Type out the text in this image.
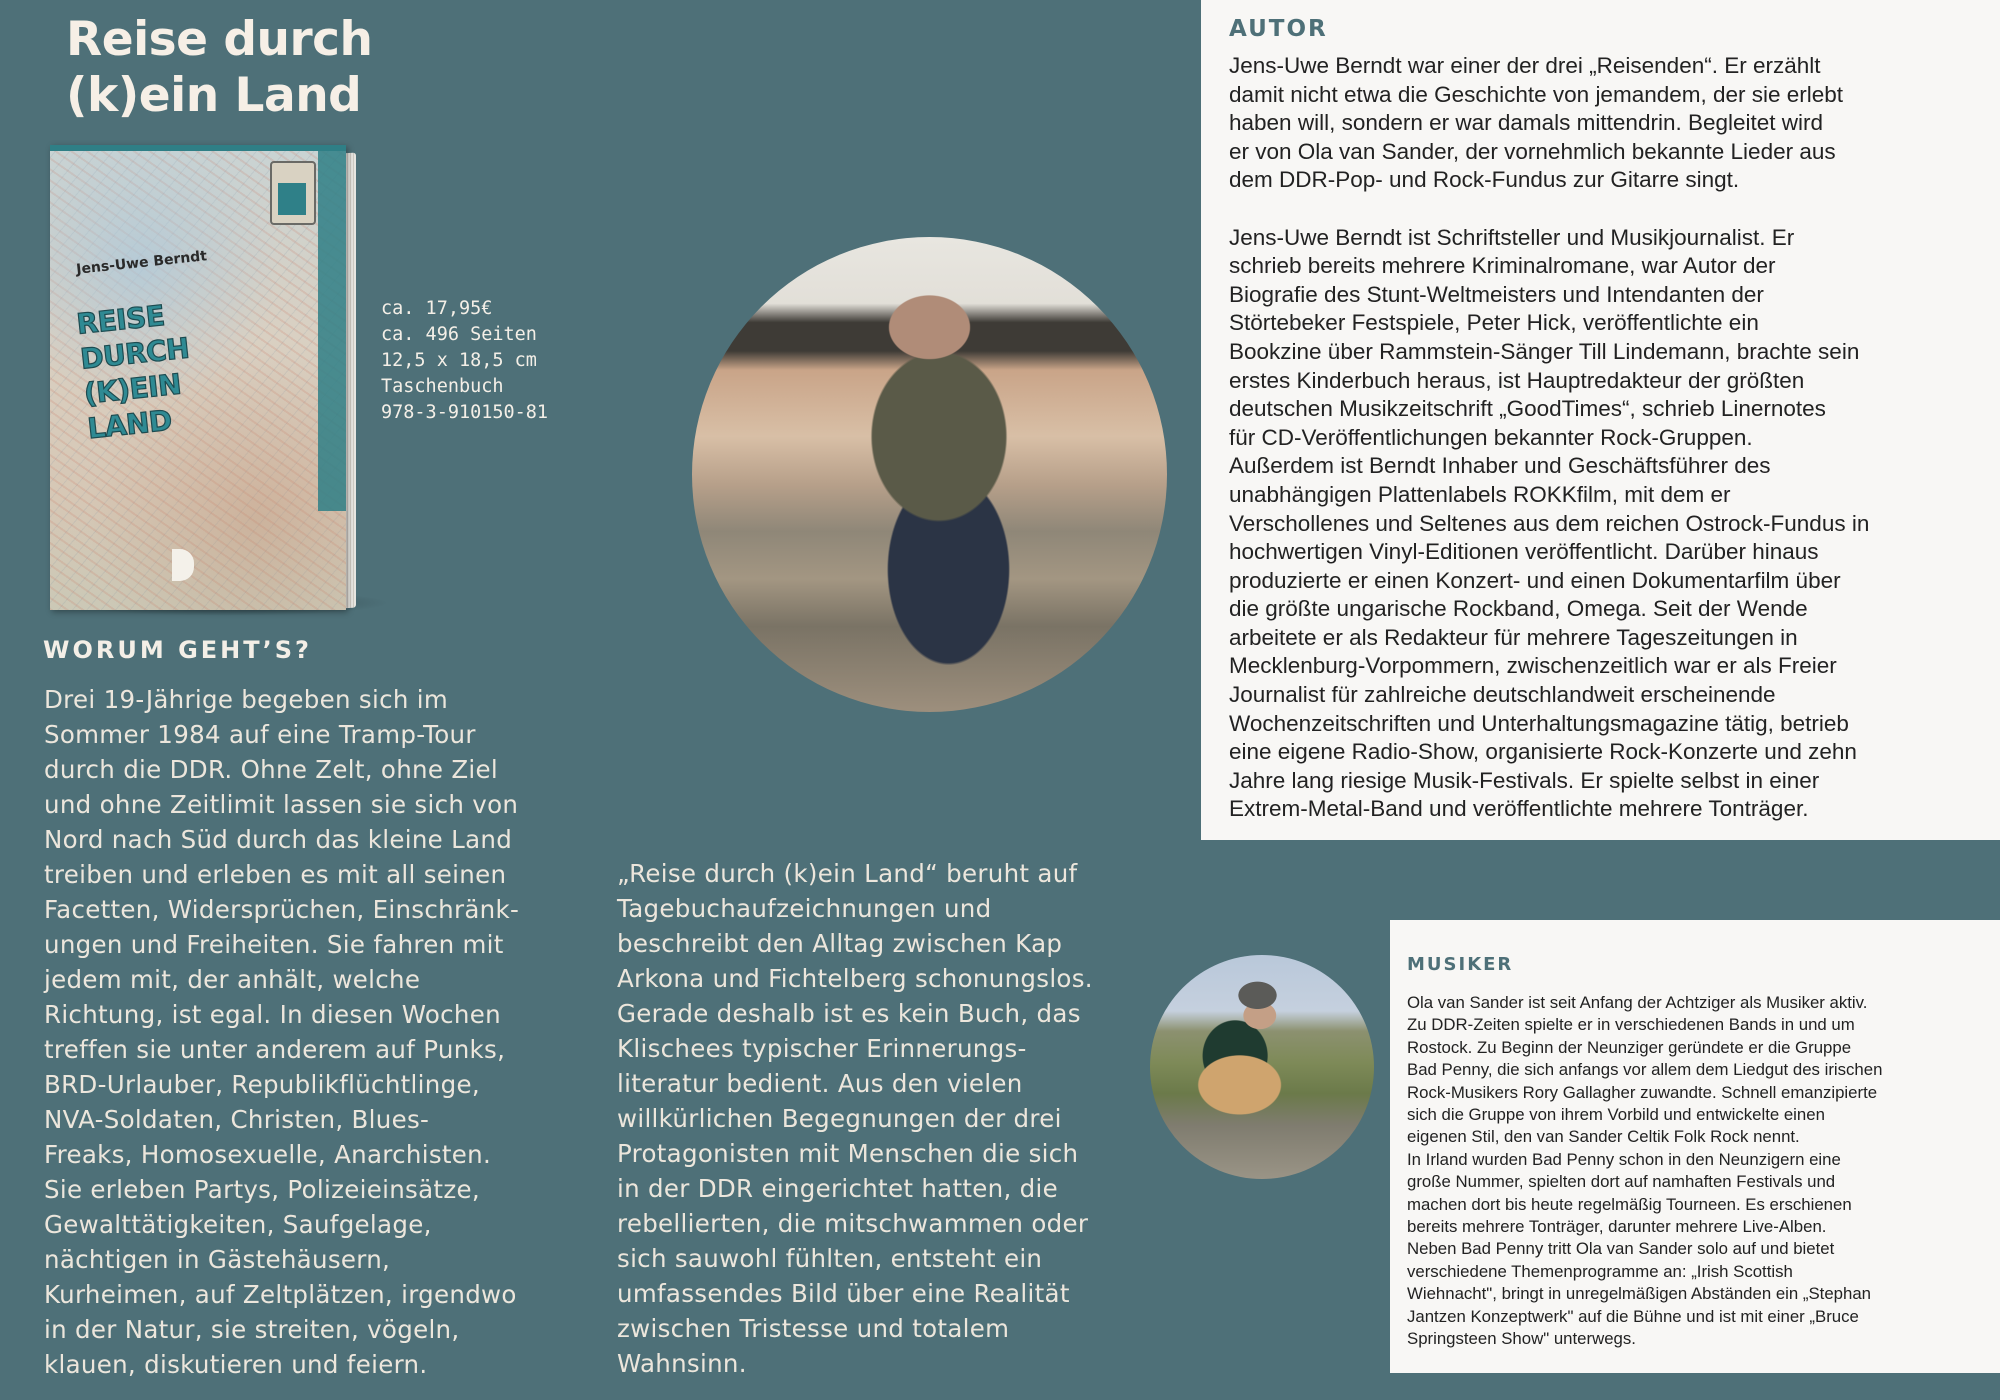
Reise durch
(k)ein Land
Jens-Uwe Berndt
REISE
DURCH
(K)EIN
LAND
ca. 17,95€
ca. 496 Seiten
12,5 x 18,5 cm
Taschenbuch
978-3-910150-81
WORUM GEHT’S?
Drei 19-Jährige begeben sich im
Sommer 1984 auf eine Tramp-Tour
durch die DDR. Ohne Zelt, ohne Ziel
und ohne Zeitlimit lassen sie sich von
Nord nach Süd durch das kleine Land
treiben und erleben es mit all seinen
Facetten, Widersprüchen, Einschränk-
ungen und Freiheiten. Sie fahren mit
jedem mit, der anhält, welche
Richtung, ist egal. In diesen Wochen
treffen sie unter anderem auf Punks,
BRD-Urlauber, Republikflüchtlinge,
NVA-Soldaten, Christen, Blues-
Freaks, Homosexuelle, Anarchisten.
Sie erleben Partys, Polizeieinsätze,
Gewalttätigkeiten, Saufgelage,
nächtigen in Gästehäusern,
Kurheimen, auf Zeltplätzen, irgendwo
in der Natur, sie streiten, vögeln,
klauen, diskutieren und feiern.
„Reise durch (k)ein Land“ beruht auf
Tagebuchaufzeichnungen und
beschreibt den Alltag zwischen Kap
Arkona und Fichtelberg schonungslos.
Gerade deshalb ist es kein Buch, das
Klischees typischer Erinnerungs-
literatur bedient. Aus den vielen
willkürlichen Begegnungen der drei
Protagonisten mit Menschen die sich
in der DDR eingerichtet hatten, die
rebellierten, die mitschwammen oder
sich sauwohl fühlten, entsteht ein
umfassendes Bild über eine Realität
zwischen Tristesse und totalem
Wahnsinn.
AUTOR
Jens-Uwe Berndt war einer der drei „Reisenden“. Er erzählt
damit nicht etwa die Geschichte von jemandem, der sie erlebt
haben will, sondern er war damals mittendrin. Begleitet wird
er von Ola van Sander, der vornehmlich bekannte Lieder aus
dem DDR-Pop- und Rock-Fundus zur Gitarre singt.
Jens-Uwe Berndt ist Schriftsteller und Musikjournalist. Er
schrieb bereits mehrere Kriminalromane, war Autor der
Biografie des Stunt-Weltmeisters und Intendanten der
Störtebeker Festspiele, Peter Hick, veröffentlichte ein
Bookzine über Rammstein-Sänger Till Lindemann, brachte sein
erstes Kinderbuch heraus, ist Hauptredakteur der größten
deutschen Musikzeitschrift „GoodTimes“, schrieb Linernotes
für CD-Veröffentlichungen bekannter Rock-Gruppen.
Außerdem ist Berndt Inhaber und Geschäftsführer des
unabhängigen Plattenlabels ROKKfilm, mit dem er
Verschollenes und Seltenes aus dem reichen Ostrock-Fundus in
hochwertigen Vinyl-Editionen veröffentlicht. Darüber hinaus
produzierte er einen Konzert- und einen Dokumentarfilm über
die größte ungarische Rockband, Omega. Seit der Wende
arbeitete er als Redakteur für mehrere Tageszeitungen in
Mecklenburg-Vorpommern, zwischenzeitlich war er als Freier
Journalist für zahlreiche deutschlandweit erscheinende
Wochenzeitschriften und Unterhaltungsmagazine tätig, betrieb
eine eigene Radio-Show, organisierte Rock-Konzerte und zehn
Jahre lang riesige Musik-Festivals. Er spielte selbst in einer
Extrem-Metal-Band und veröffentlichte mehrere Tonträger.
MUSIKER
Ola van Sander ist seit Anfang der Achtziger als Musiker aktiv.
Zu DDR-Zeiten spielte er in verschiedenen Bands in und um
Rostock. Zu Beginn der Neunziger geründete er die Gruppe
Bad Penny, die sich anfangs vor allem dem Liedgut des irischen
Rock-Musikers Rory Gallagher zuwandte. Schnell emanzipierte
sich die Gruppe von ihrem Vorbild und entwickelte einen
eigenen Stil, den van Sander Celtik Folk Rock nennt.
In Irland wurden Bad Penny schon in den Neunzigern eine
große Nummer, spielten dort auf namhaften Festivals und
machen dort bis heute regelmäßig Tourneen. Es erschienen
bereits mehrere Tonträger, darunter mehrere Live-Alben.
Neben Bad Penny tritt Ola van Sander solo auf und bietet
verschiedene Themenprogramme an: „Irish Scottish
Wiehnacht", bringt in unregelmäßigen Abständen ein „Stephan
Jantzen Konzeptwerk" auf die Bühne und ist mit einer „Bruce
Springsteen Show" unterwegs.
